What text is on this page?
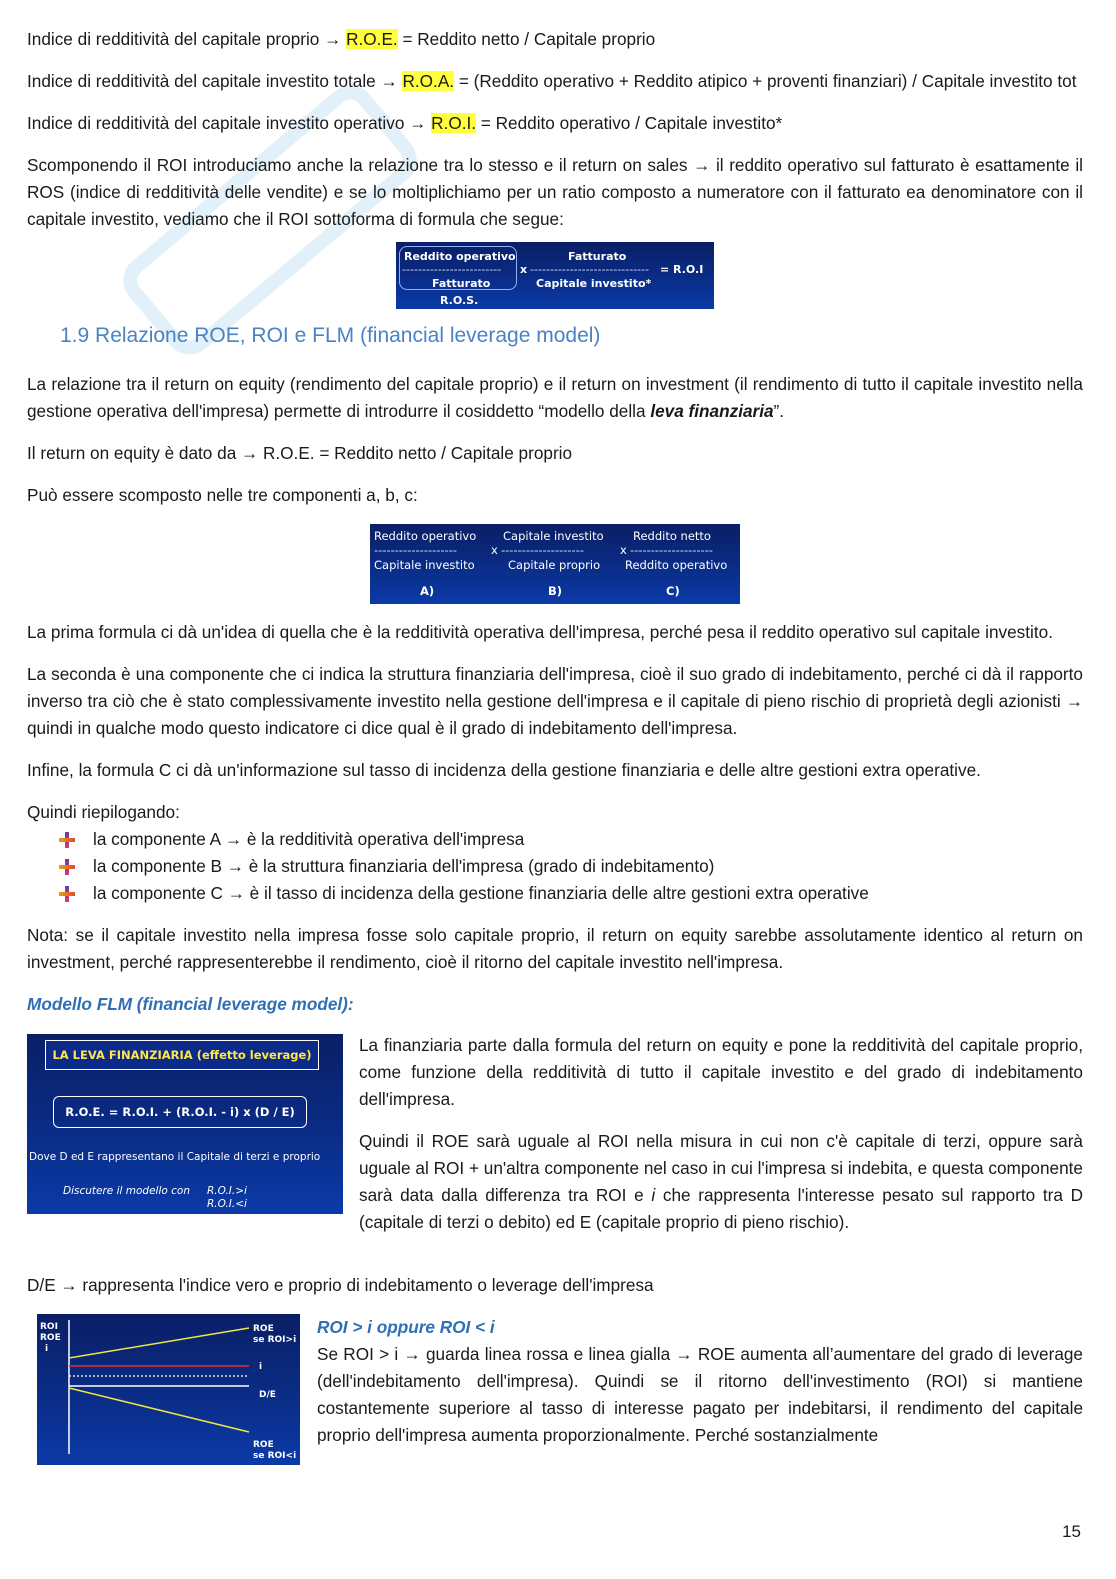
Indice di redditività del capitale proprio → R.O.E. = Reddito netto / Capitale proprio

Indice di redditività del capitale investito totale → R.O.A. = (Reddito operativo + Reddito atipico + proventi finanziari) / Capitale investito tot

Indice di redditività del capitale investito operativo → R.O.I. = Reddito operativo / Capitale investito*

Scomponendo il ROI introduciamo anche la relazione tra lo stesso e il return on sales → il reddito operativo sul fatturato è esattamente il ROS (indice di redditività delle vendite) e se lo moltiplichiamo per un ratio composto a numeratore con il fatturato ea denominatore con il capitale investito, vediamo che il ROI sottoforma di formula che segue:

Reddito operativo
-------------------------
Fatturato
x
Fatturato
------------------------------
Capitale investito*
= R.O.I
R.O.S.
1.9 Relazione ROE, ROI e FLM (financial leverage model)

La relazione tra il return on equity (rendimento del capitale proprio) e il return on investment (il rendimento di tutto il capitale investito nella gestione operativa dell'impresa) permette di introdurre il cosiddetto “modello della leva finanziaria”.

Il return on equity è dato da → R.O.E. = Reddito netto / Capitale proprio

Può essere scomposto nelle tre componenti a, b, c:

Reddito operativo
--------------------
Capitale investito
x
Capitale investito
--------------------
Capitale proprio
x
Reddito netto
--------------------
Reddito operativo
A)	B)	C)

La prima formula ci dà un'idea di quella che è la redditività operativa dell'impresa, perché pesa il reddito operativo sul capitale investito.

La seconda è una componente che ci indica la struttura finanziaria dell'impresa, cioè il suo grado di indebitamento, perché ci dà il rapporto inverso tra ciò che è stato complessivamente investito nella gestione dell'impresa e il capitale di pieno rischio di proprietà degli azionisti → quindi in qualche modo questo indicatore ci dice qual è il grado di indebitamento dell'impresa.

Infine, la formula C ci dà un'informazione sul tasso di incidenza della gestione finanziaria e delle altre gestioni extra operative.

Quindi riepilogando:
la componente A → è la redditività operativa dell'impresa
la componente B → è la struttura finanziaria dell'impresa (grado di indebitamento)
la componente C → è il tasso di incidenza della gestione finanziaria delle altre gestioni extra operative

Nota: se il capitale investito nella impresa fosse solo capitale proprio, il return on equity sarebbe assolutamente identico al return on investment, perché rappresenterebbe il rendimento, cioè il ritorno del capitale investito nell'impresa.

Modello FLM (financial leverage model):
LA LEVA FINANZIARIA (effetto leverage)
R.O.E. = R.O.I. + (R.O.I. - i) x (D / E)
Dove D ed E rappresentano il Capitale di terzi e proprio
Discutere il modello con R.O.I.>i
R.O.I.<i

La finanziaria parte dalla formula del return on equity e pone la redditività del capitale proprio, come funzione della redditività di tutto il capitale investito e del grado di indebitamento dell'impresa.

Quindi il ROE sarà uguale al ROI nella misura in cui non c'è capitale di terzi, oppure sarà uguale al ROI + un'altra componente nel caso in cui l'impresa si indebita, e questa componente sarà data dalla differenza tra ROI e i che rappresenta l'interesse pesato sul rapporto tra D (capitale di terzi o debito) ed E (capitale proprio di pieno rischio).

D/E → rappresenta l'indice vero e proprio di indebitamento o leverage dell'impresa

ROI
ROE
i
ROE
se ROI>i
i
D/E
ROE
se ROI<i
ROI > i oppure ROI < i

Se ROI > i → guarda linea rossa e linea gialla → ROE aumenta all’aumentare del grado di leverage (dell'indebitamento dell'impresa). Quindi se il ritorno dell'investimento (ROI) si mantiene costantemente superiore al tasso di interesse pagato per indebitarsi, il rendimento del capitale proprio dell'impresa aumenta proporzionalmente. Perché sostanzialmente

15
